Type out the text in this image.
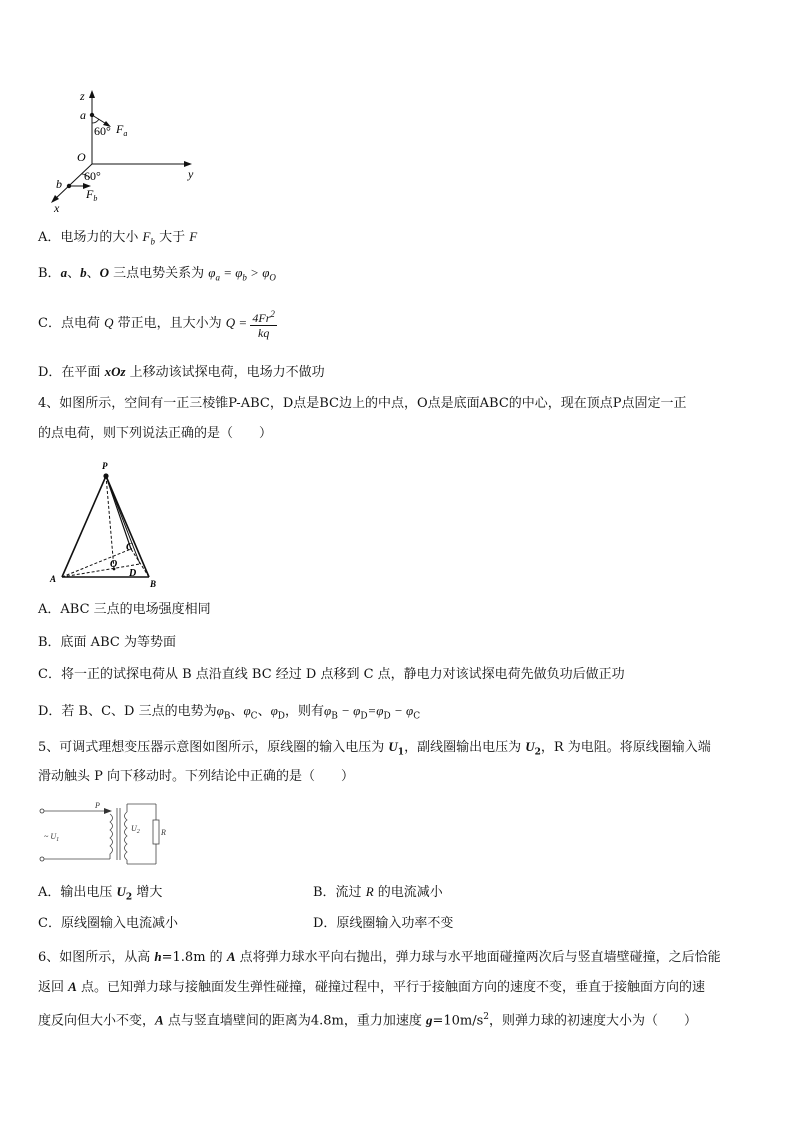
z
a
60° $F_a$
O
y
b
60°
$F_b$
x
A．电场力的大小 $F_b$ 大于 F
B．a、b、O 三点电势关系为 $\varphi_a = \varphi_b > \varphi_O$
C．点电荷 Q 带正电，且大小为 $Q = \frac{4Fr^2}{kq}$
D．在平面 xOz 上移动该试探电荷，电场力不做功
4、如图所示，空间有一正三棱锥P-ABC，D点是BC边上的中点，O点是底面ABC的中心，现在顶点P点固定一正
的点电荷，则下列说法正确的是（　　）
P
A	B
C
D
O
A．ABC 三点的电场强度相同
B．底面 ABC 为等势面
C．将一正的试探电荷从 B 点沿直线 BC 经过 D 点移到 C 点，静电力对该试探电荷先做负功后做正功
D．若 B、C、D 三点的电势为$\varphi_B$、$\varphi_C$、$\varphi_D$，则有$\varphi_B - \varphi_D=\varphi_D - \varphi_C$
5、可调式理想变压器示意图如图所示，原线圈的输入电压为 $U_1$，副线圈输出电压为 $U_2$，R 为电阻。将原线圈输入端
滑动触头 P 向下移动时。下列结论中正确的是（　　）
P
~ $U_1$
$U_2$	R
A．输出电压 $U_2$ 增大	B．流过 R 的电流减小
C．原线圈输入电流减小	D．原线圈输入功率不变
6、如图所示，从高 h=1.8m 的 A 点将弹力球水平向右抛出，弹力球与水平地面碰撞两次后与竖直墙壁碰撞，之后恰能
返回 A 点。已知弹力球与接触面发生弹性碰撞，碰撞过程中，平行于接触面方向的速度不变，垂直于接触面方向的速
度反向但大小不变，A 点与竖直墙壁间的距离为4.8m，重力加速度 $g=10m/s^2$，则弹力球的初速度大小为（　　）
